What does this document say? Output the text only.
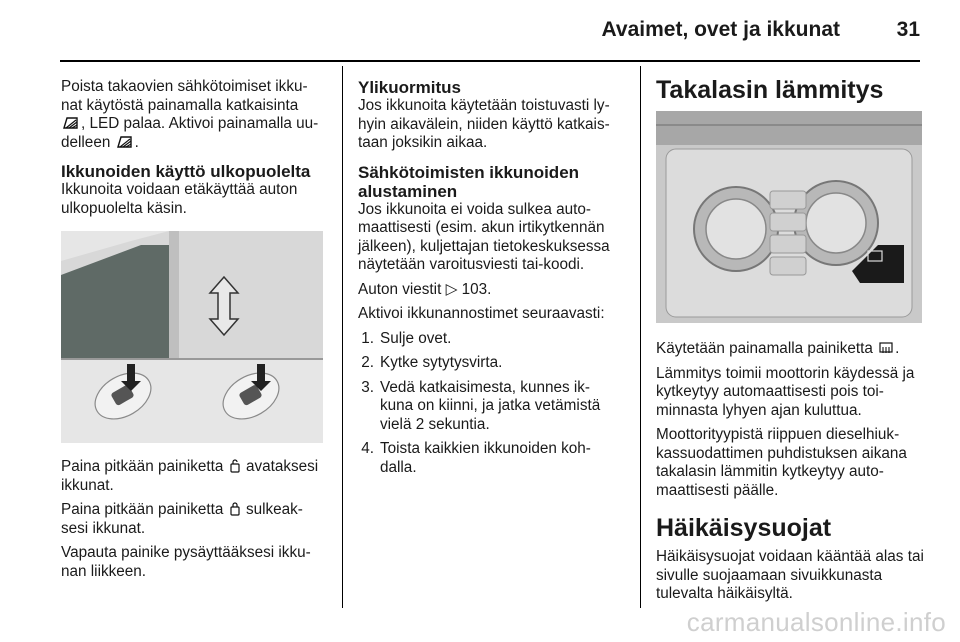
Avaimet, ovet ja ikkunat	31

Poista takaovien sähkötoimiset ikku- nat käytöstä painamalla katkaisinta
, LED palaa. Aktivoi painamalla uu- delleen .

Ikkunoiden käyttö ulkopuolelta

Ikkunoita voidaan etäkäyttää auton ulkopuolelta käsin.

Paina pitkään painiketta avataksesi ikkunat.

Paina pitkään painiketta sulkeak- sesi ikkunat.

Vapauta painike pysäyttääksesi ikku- nan liikkeen.

Ylikuormitus

Jos ikkunoita käytetään toistuvasti ly- hyin aikavälein, niiden käyttö katkais- taan joksikin aikaa.

Sähkötoimisten ikkunoiden alustaminen

Jos ikkunoita ei voida sulkea auto- maattisesti (esim. akun irtikytkennän jälkeen), kuljettajan tietokeskuksessa näytetään varoitusviesti tai-koodi.

Auton viestit ▷ 103.

Aktivoi ikkunannostimet seuraavasti:

1. Sulje ovet.
2. Kytke sytytysvirta.
3. Vedä katkaisimesta, kunnes ik- kuna on kiinni, ja jatka vetämistä vielä 2 sekuntia.
4. Toista kaikkien ikkunoiden koh- dalla.
Takalasin lämmitys

Käytetään painamalla painiketta .

Lämmitys toimii moottorin käydessä ja kytkeytyy automaattisesti pois toi- minnasta lyhyen ajan kuluttua.

Moottorityypistä riippuen dieselhiuk- kassuodattimen puhdistuksen aikana takalasin lämmitin kytkeytyy auto- maattisesti päälle.

Häikäisysuojat

Häikäisysuojat voidaan kääntää alas tai sivulle suojaamaan sivuikkunasta tulevalta häikäisyltä.

carmanualsonline.info
